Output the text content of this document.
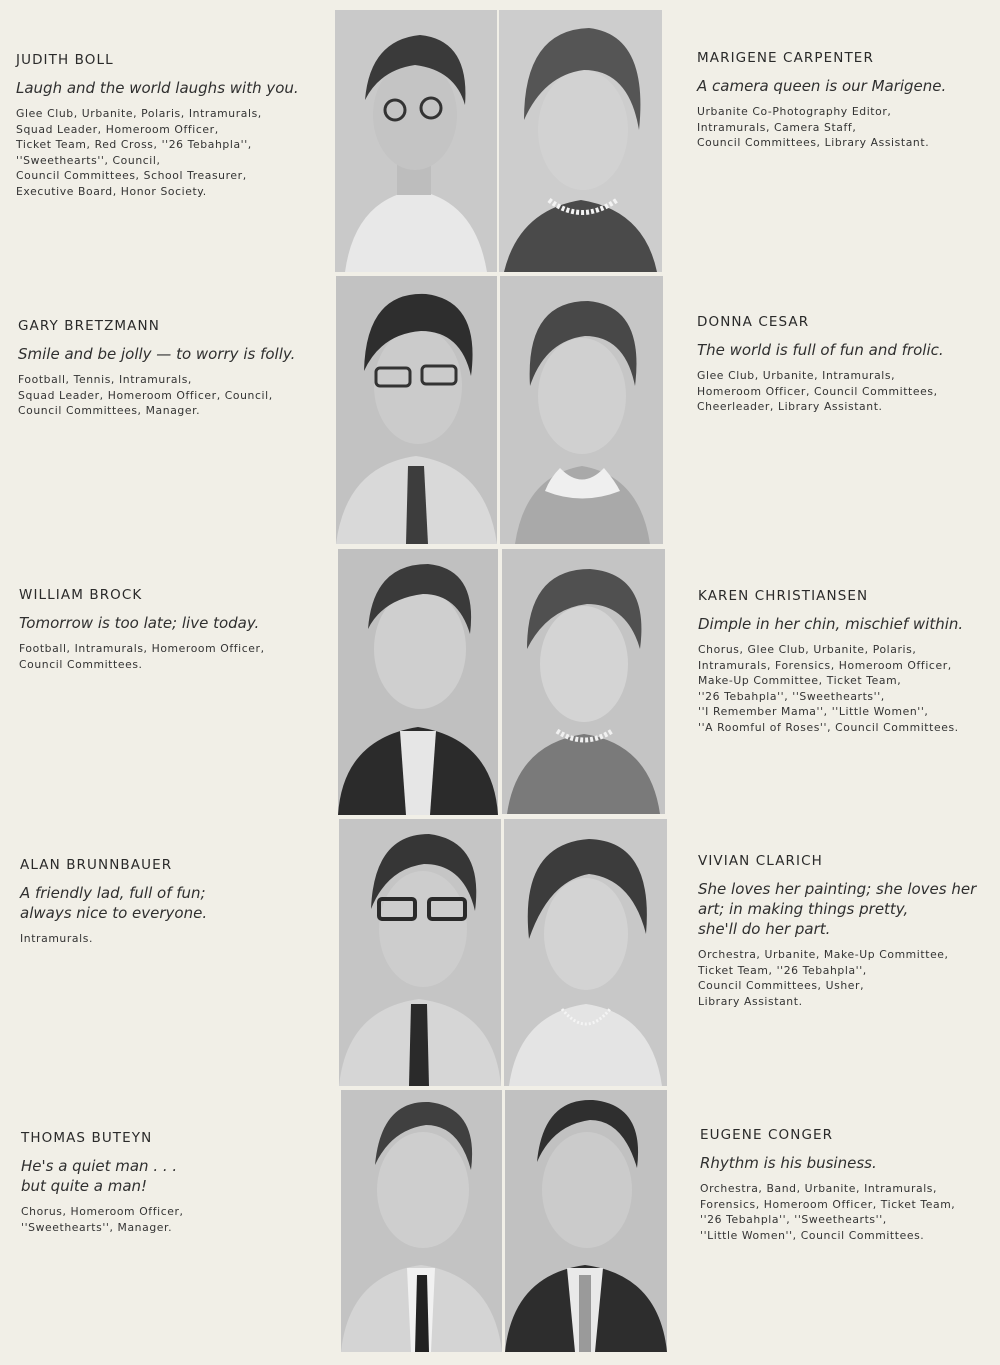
JUDITH BOLL

Laugh and the world laughs with you.

Glee Club, Urbanite, Polaris, Intramurals,
Squad Leader, Homeroom Officer,
Ticket Team, Red Cross, ''26 Tebahpla'',
''Sweethearts'', Council,
Council Committees, School Treasurer,
Executive Board, Honor Society.

MARIGENE CARPENTER

A camera queen is our Marigene.

Urbanite Co-Photography Editor,
Intramurals, Camera Staff,
Council Committees, Library Assistant.

GARY BRETZMANN

Smile and be jolly — to worry is folly.

Football, Tennis, Intramurals,
Squad Leader, Homeroom Officer, Council,
Council Committees, Manager.

DONNA CESAR

The world is full of fun and frolic.

Glee Club, Urbanite, Intramurals,
Homeroom Officer, Council Committees,
Cheerleader, Library Assistant.

WILLIAM BROCK

Tomorrow is too late; live today.

Football, Intramurals, Homeroom Officer,
Council Committees.

KAREN CHRISTIANSEN

Dimple in her chin, mischief within.

Chorus, Glee Club, Urbanite, Polaris,
Intramurals, Forensics, Homeroom Officer,
Make-Up Committee, Ticket Team,
''26 Tebahpla'', ''Sweethearts'',
''I Remember Mama'', ''Little Women'',
''A Roomful of Roses'', Council Committees.

ALAN BRUNNBAUER

A friendly lad, full of fun;
always nice to everyone.

Intramurals.

VIVIAN CLARICH

She loves her painting; she loves her
art; in making things pretty,
she'll do her part.

Orchestra, Urbanite, Make-Up Committee,
Ticket Team, ''26 Tebahpla'',
Council Committees, Usher,
Library Assistant.

THOMAS BUTEYN

He's a quiet man . . .
but quite a man!

Chorus, Homeroom Officer,
''Sweethearts'', Manager.

EUGENE CONGER

Rhythm is his business.

Orchestra, Band, Urbanite, Intramurals,
Forensics, Homeroom Officer, Ticket Team,
''26 Tebahpla'', ''Sweethearts'',
''Little Women'', Council Committees.
